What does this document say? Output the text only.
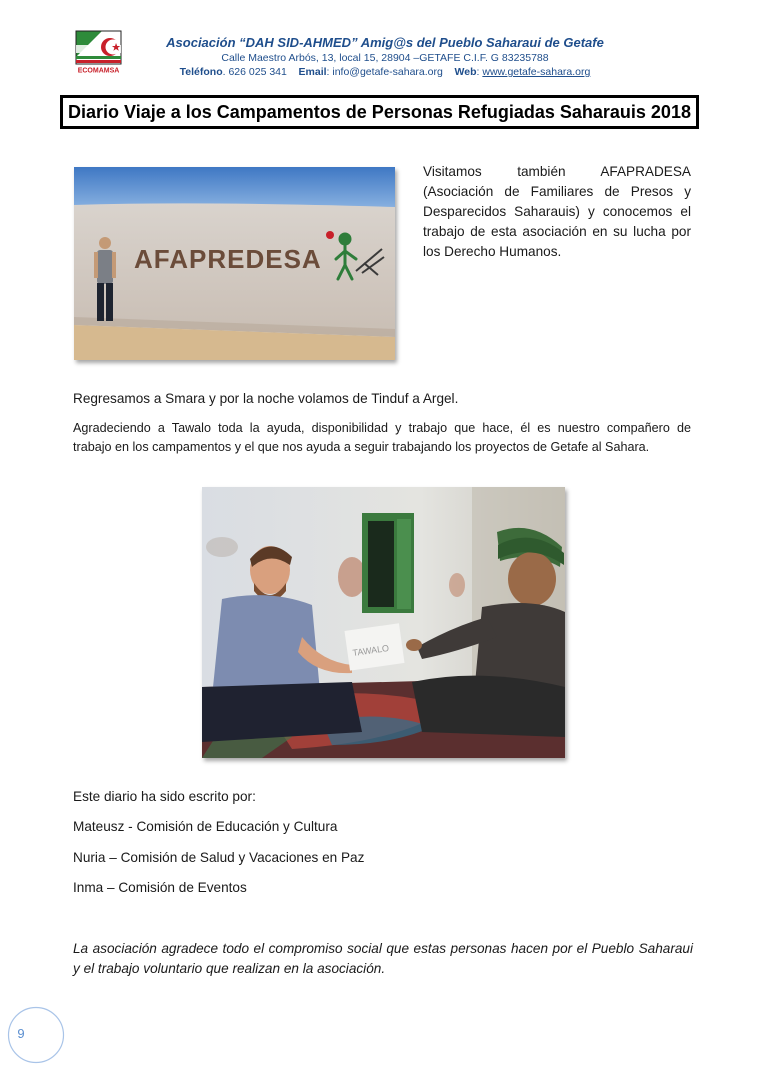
ECOMAMSA
Asociación “DAH SID-AHMED” Amig@s del Pueblo Saharaui de Getafe
Calle Maestro Arbós, 13, local 15, 28904 –GETAFE C.I.F. G 83235788
Teléfono. 626 025 341 Email: info@getafe-sahara.org Web: www.getafe-sahara.org
Diario Viaje a los Campamentos de Personas Refugiadas Saharauis 2018
AFAPREDESA
Visitamos también AFAPRADESA (Asociación de Familiares de Presos y Desparecidos Saharauis) y conocemos el trabajo de esta asociación en su lucha por los Derecho Humanos.
Regresamos a Smara y por la noche volamos de Tinduf a Argel.
Agradeciendo a Tawalo toda la ayuda, disponibilidad y trabajo que hace, él es nuestro compañero de
trabajo en los campamentos y el que nos ayuda a seguir trabajando los proyectos de Getafe al Sahara.
TAWALO
Este diario ha sido escrito por:
Mateusz - Comisión de Educación y Cultura
Nuria – Comisión de Salud y Vacaciones en Paz
Inma – Comisión de Eventos
La asociación agradece todo el compromiso social que estas personas hacen por el Pueblo Saharaui y el trabajo voluntario que realizan en la asociación.
9
